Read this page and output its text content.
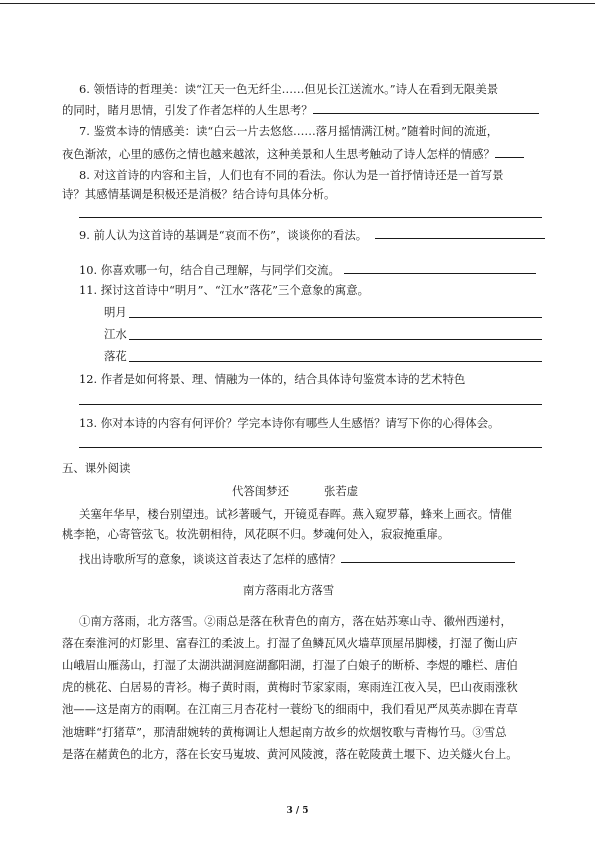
6. 领悟诗的哲理美：读“江天一色无纤尘……但见长江送流水。”诗人在看到无限美景
的同时，睹月思情，引发了作者怎样的人生思考？
7. 鉴赏本诗的情感美：读“白云一片去悠悠……落月摇情满江树。”随着时间的流逝，
夜色渐浓，心里的感伤之情也越来越浓，这种美景和人生思考触动了诗人怎样的情感？
8. 对这首诗的内容和主旨，人们也有不同的看法。你认为是一首抒情诗还是一首写景
诗？其感情基调是积极还是消极？结合诗句具体分析。
9. 前人认为这首诗的基调是“哀而不伤”，谈谈你的看法。
10. 你喜欢哪一句，结合自己理解，与同学们交流。
11. 探讨这首诗中“明月”、“江水”落花”三个意象的寓意。
明月
江水
落花
12. 作者是如何将景、理、情融为一体的，结合具体诗句鉴赏本诗的艺术特色
13. 你对本诗的内容有何评价？学完本诗你有哪些人生感悟？请写下你的心得体会。
五、课外阅读
代答闺梦还	张若虚
关塞年华早，楼台别望违。试衫著暖气，开镜觅春晖。燕入窥罗幕，蜂来上画衣。情催
桃李艳，心寄管弦飞。妆洗朝相待，风花暝不归。梦魂何处入，寂寂掩重扉。
找出诗歌所写的意象，谈谈这首表达了怎样的感情？
南方落雨北方落雪
①南方落雨，北方落雪。②雨总是落在秋青色的南方，落在姑苏寒山寺、徽州西递村，
落在秦淮河的灯影里、富春江的柔波上。打湿了鱼鳞瓦风火墙草顶屋吊脚楼，打湿了衡山庐
山峨眉山雁荡山，打湿了太湖洪湖洞庭湖鄱阳湖，打湿了白娘子的断桥、李煜的雕栏、唐伯
虎的桃花、白居易的青衫。梅子黄时雨，黄梅时节家家雨，寒雨连江夜入吴，巴山夜雨涨秋
池——这是南方的雨啊。在江南三月杏花村一蓑纷飞的细雨中，我们看见严凤英赤脚在青草
池塘畔“打猪草”，那清甜婉转的黄梅调让人想起南方故乡的炊烟牧歌与青梅竹马。③雪总
是落在赭黄色的北方，落在长安马嵬坡、黄河风陵渡，落在乾陵黄土堰下、边关燧火台上。
3 / 5
